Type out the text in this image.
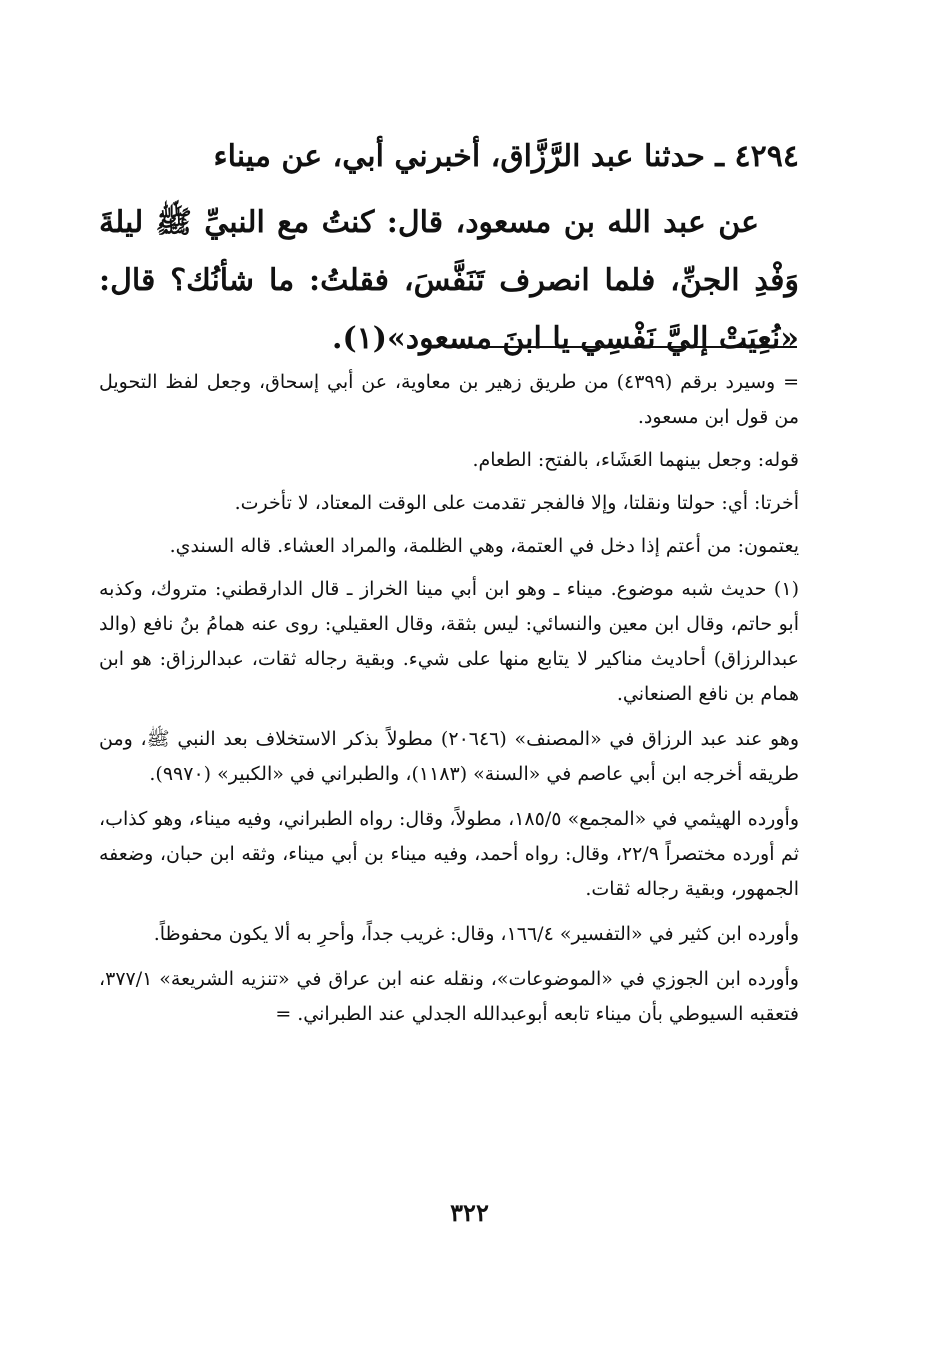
٤٢٩٤ ـ حدثنا عبد الرَّزَّاق، أخبرني أبي، عن ميناء

عن عبد الله بن مسعود، قال: كنتُ مع النبيِّ ﷺ ليلةَ وَفْدِ الجنِّ، فلما انصرف تَنَفَّسَ، فقلتُ: ما شأنُك؟ قال: «نُعِيَتْ إليَّ نَفْسِي يا ابنَ مسعود»(١).

= وسيرد برقم (٤٣٩٩) من طريق زهير بن معاوية، عن أبي إسحاق، وجعل لفظ التحويل من قول ابن مسعود.

قوله: وجعل بينهما العَشَاء، بالفتح: الطعام.

أخرتا: أي: حولتا ونقلتا، وإلا فالفجر تقدمت على الوقت المعتاد، لا تأخرت.

يعتمون: من أعتم إذا دخل في العتمة، وهي الظلمة، والمراد العشاء. قاله السندي.

(١) حديث شبه موضوع. ميناء ـ وهو ابن أبي مينا الخراز ـ قال الدارقطني: متروك، وكذبه أبو حاتم، وقال ابن معين والنسائي: ليس بثقة، وقال العقيلي: روى عنه همامُ بنُ نافع (والد عبدالرزاق) أحاديث مناكير لا يتابع منها على شيء. وبقية رجاله ثقات، عبدالرزاق: هو ابن همام بن نافع الصنعاني.

وهو عند عبد الرزاق في «المصنف» (٢٠٦٤٦) مطولاً بذكر الاستخلاف بعد النبي ﷺ، ومن طريقه أخرجه ابن أبي عاصم في «السنة» (١١٨٣)، والطبراني في «الكبير» (٩٩٧٠).

وأورده الهيثمي في «المجمع» ١٨٥/٥، مطولاً، وقال: رواه الطبراني، وفيه ميناء، وهو كذاب، ثم أورده مختصراً ٢٢/٩، وقال: رواه أحمد، وفيه ميناء بن أبي ميناء، وثقه ابن حبان، وضعفه الجمهور، وبقية رجاله ثقات.

وأورده ابن كثير في «التفسير» ١٦٦/٤، وقال: غريب جداً، وأحرِ به ألا يكون محفوظاً.

وأورده ابن الجوزي في «الموضوعات»، ونقله عنه ابن عراق في «تنزيه الشريعة» ٣٧٧/١، فتعقبه السيوطي بأن ميناء تابعه أبوعبدالله الجدلي عند الطبراني. =

٣٢٢
